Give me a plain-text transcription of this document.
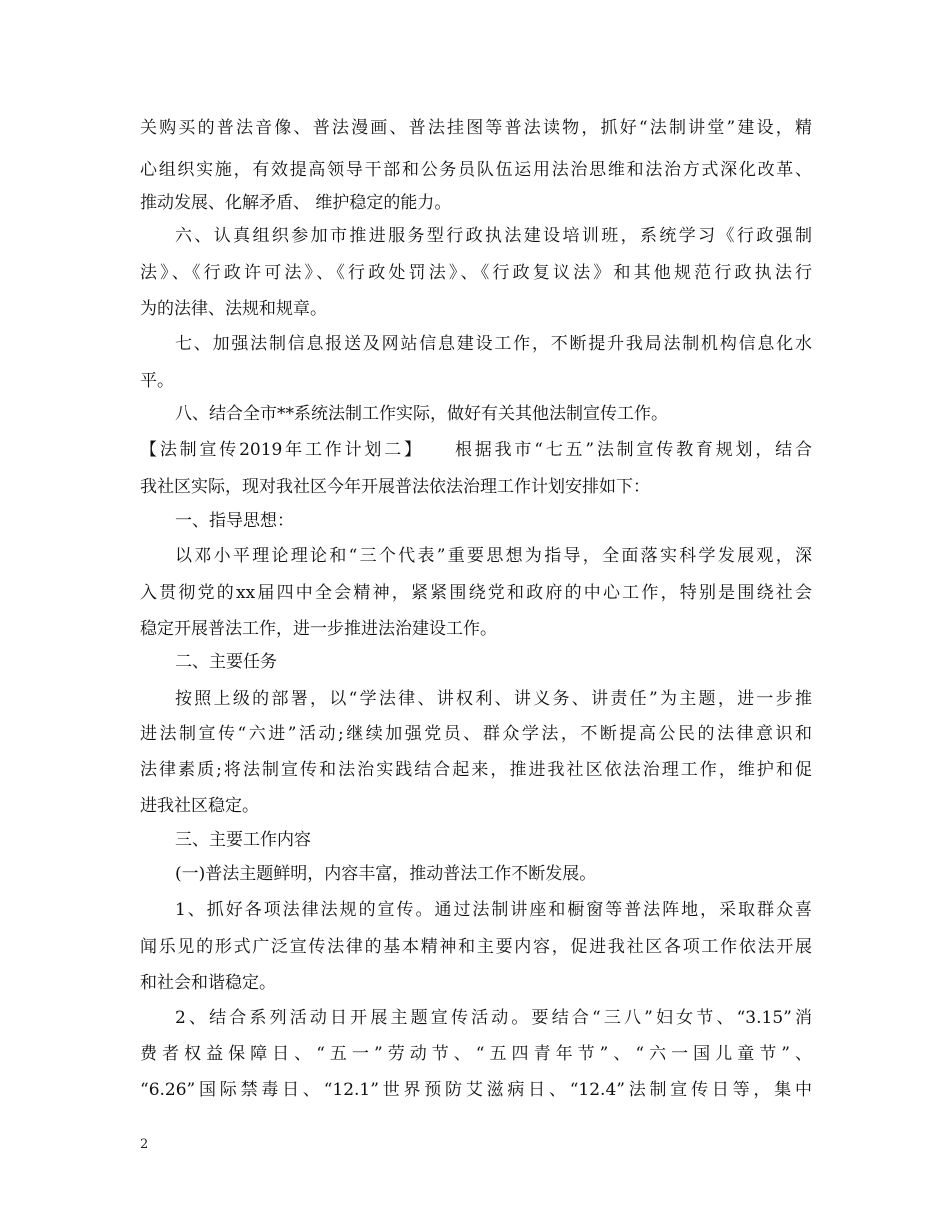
关购买的普法音像、普法漫画、普法挂图等普法读物，抓好“法制讲堂”建设，精
心组织实施，有效提高领导干部和公务员队伍运用法治思维和法治方式深化改革、
推动发展、化解矛盾、 维护稳定的能力。
六、认真组织参加市推进服务型行政执法建设培训班，系统学习《行政强制
法》、《行政许可法》、《行政处罚法》、《行政复议法》和其他规范行政执法行
为的法律、法规和规章。
七、加强法制信息报送及网站信息建设工作，不断提升我局法制机构信息化水
平。
八、结合全市**系统法制工作实际，做好有关其他法制宣传工作。
【法制宣传2019年工作计划二】　　根据我市“七五”法制宣传教育规划，结合
我社区实际，现对我社区今年开展普法依法治理工作计划安排如下：
一、指导思想：
以邓小平理论理论和“三个代表”重要思想为指导，全面落实科学发展观，深
入贯彻党的xx届四中全会精神，紧紧围绕党和政府的中心工作，特别是围绕社会
稳定开展普法工作，进一步推进法治建设工作。
二、主要任务
按照上级的部署，以“学法律、讲权利、讲义务、讲责任”为主题，进一步推
进法制宣传“六进”活动;继续加强党员、群众学法，不断提高公民的法律意识和
法律素质;将法制宣传和法治实践结合起来，推进我社区依法治理工作，维护和促
进我社区稳定。
三、主要工作内容
(一)普法主题鲜明，内容丰富，推动普法工作不断发展。
1、抓好各项法律法规的宣传。通过法制讲座和橱窗等普法阵地，采取群众喜
闻乐见的形式广泛宣传法律的基本精神和主要内容，促进我社区各项工作依法开展
和社会和谐稳定。
2、结合系列活动日开展主题宣传活动。要结合“三八”妇女节、“3.15”消
费者权益保障日、“五一”劳动节、“五四青年节”、“六一国儿童节”、
“6.26”国际禁毒日、“12.1”世界预防艾滋病日、“12.4”法制宣传日等，集中
2
